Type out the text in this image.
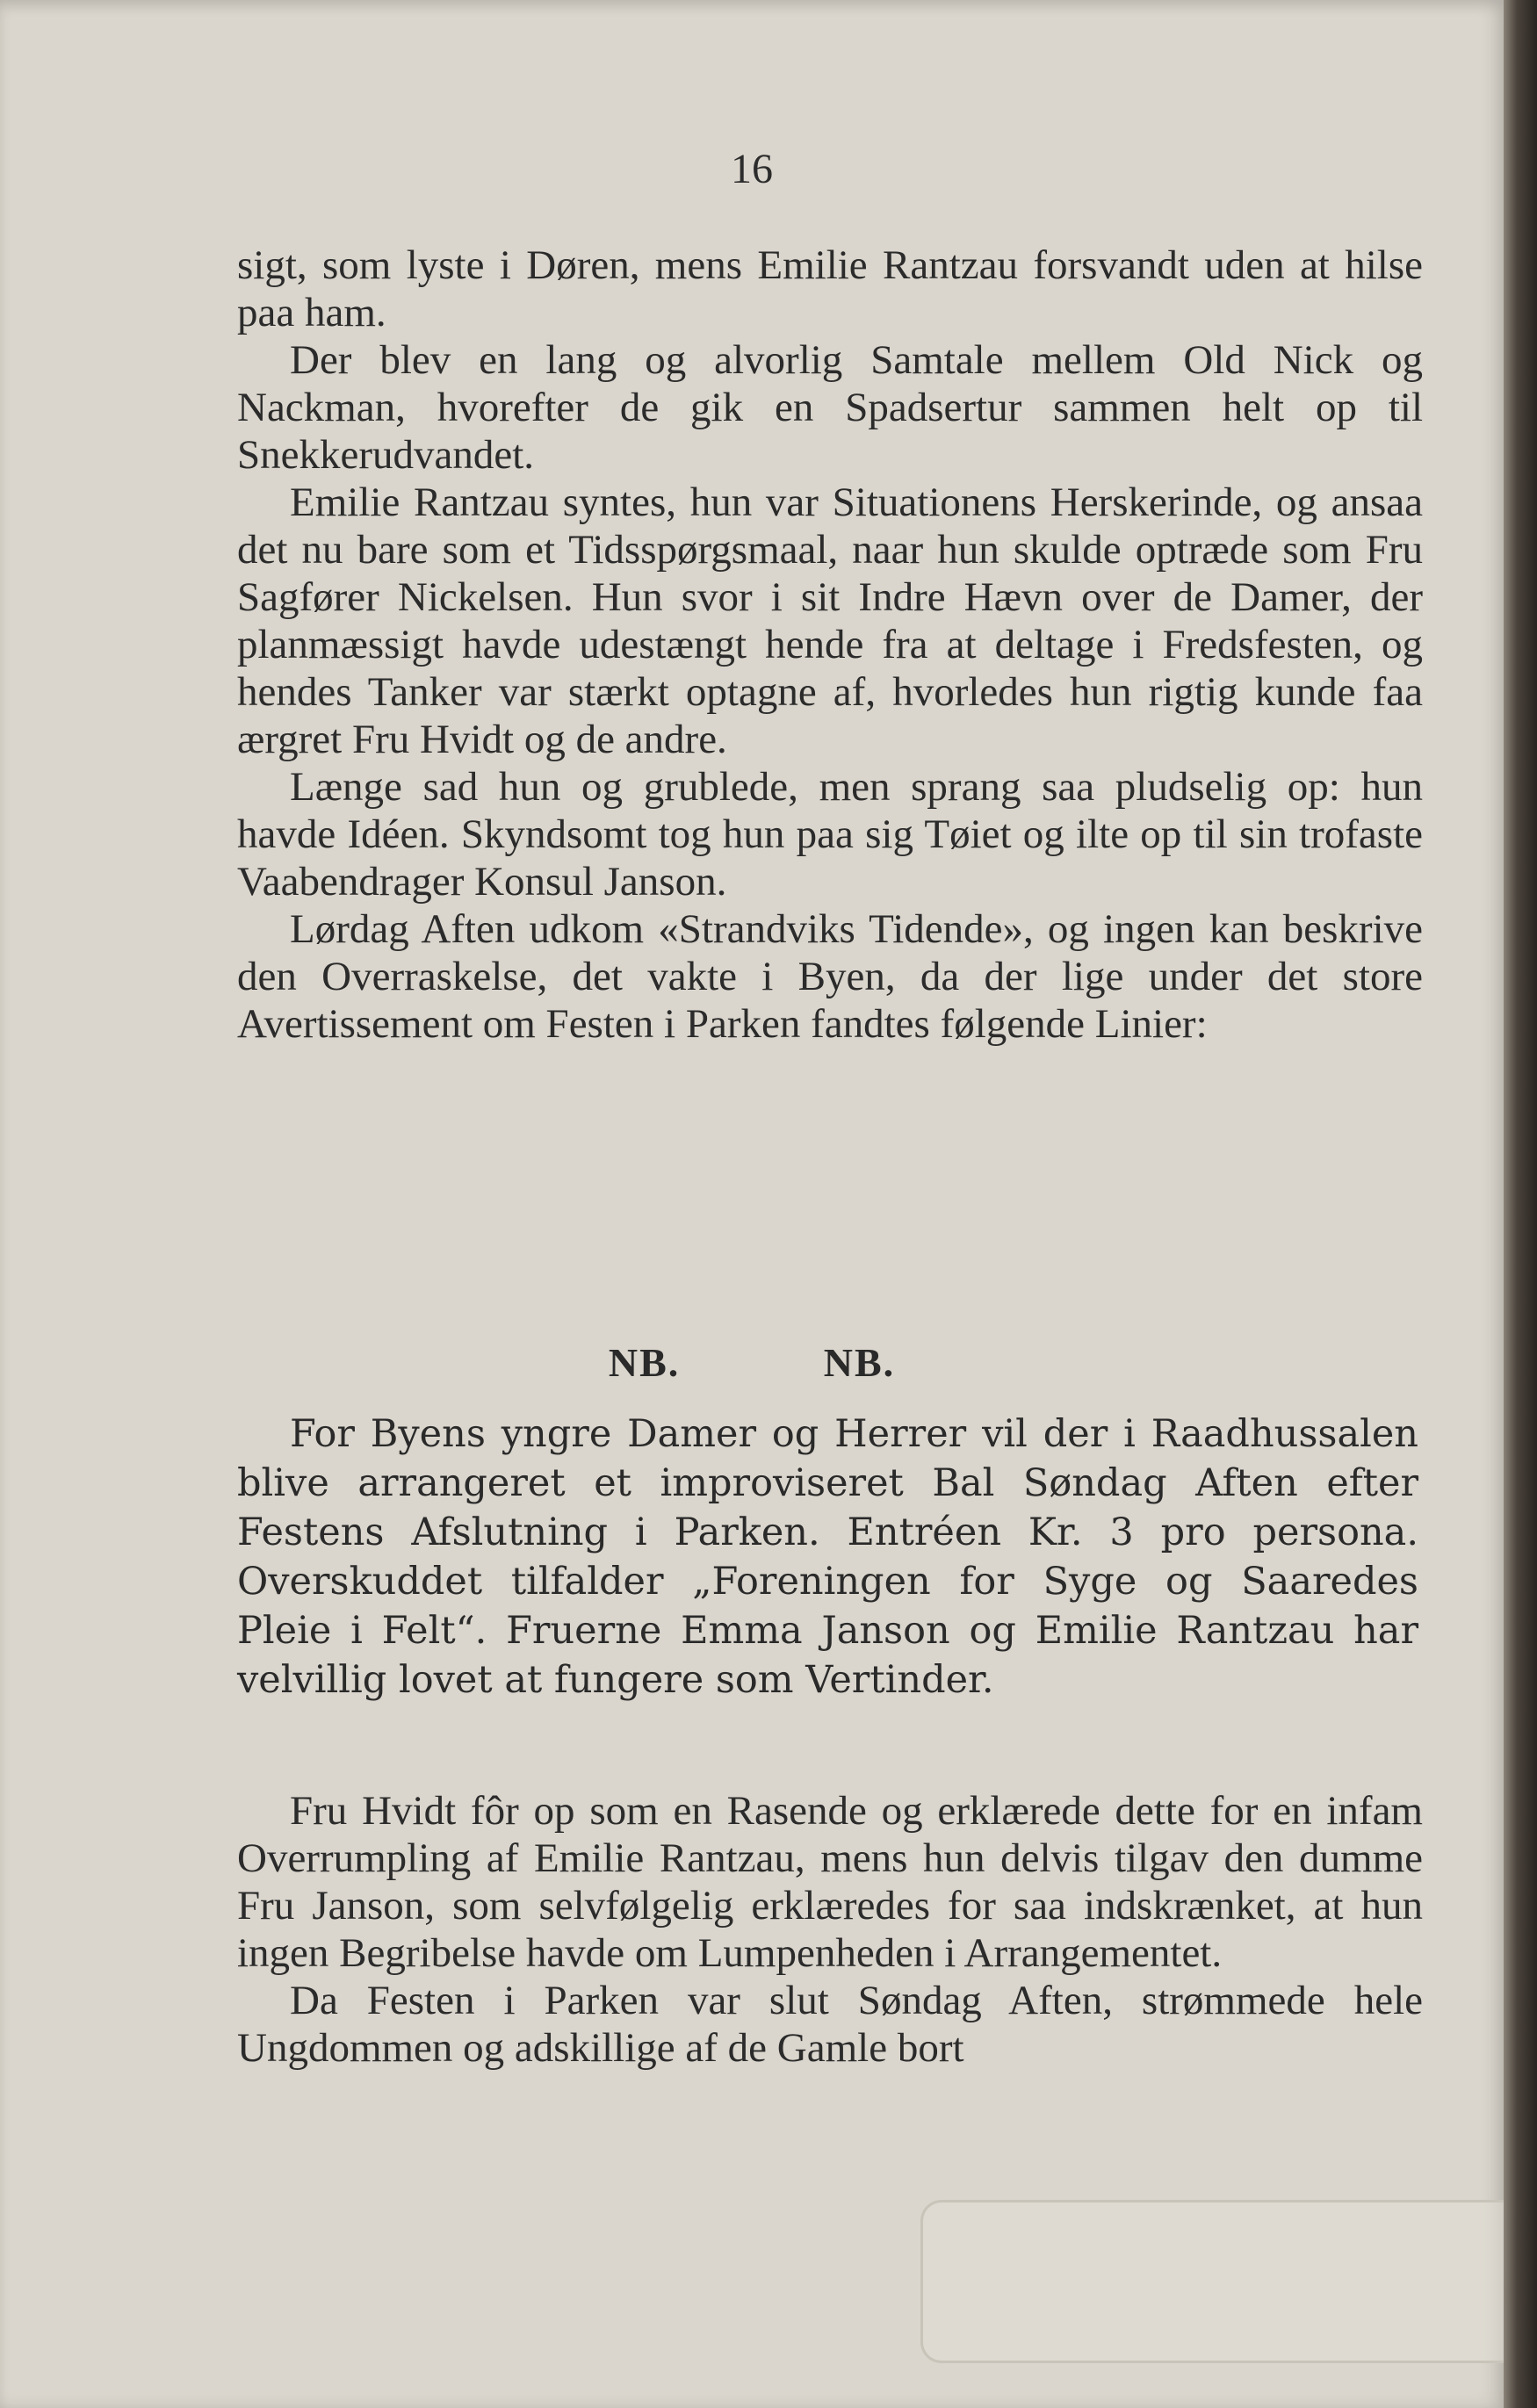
16

sigt, som lyste i Døren, mens Emilie Rantzau forsvandt uden at hilse paa ham.

Der blev en lang og alvorlig Samtale mellem Old Nick og Nackman, hvorefter de gik en Spadsertur sammen helt op til Snekkerudvandet.

Emilie Rantzau syntes, hun var Situationens Herskerinde, og ansaa det nu bare som et Tidsspørgsmaal, naar hun skulde optræde som Fru Sagfører Nickelsen. Hun svor i sit Indre Hævn over de Damer, der planmæssigt havde udestængt hende fra at deltage i Fredsfesten, og hendes Tanker var stærkt optagne af, hvorledes hun rigtig kunde faa ærgret Fru Hvidt og de andre.

Længe sad hun og grublede, men sprang saa pludselig op: hun havde Idéen. Skyndsomt tog hun paa sig Tøiet og ilte op til sin trofaste Vaabendrager Konsul Janson.

Lørdag Aften udkom «Strandviks Tidende», og ingen kan beskrive den Overraskelse, det vakte i Byen, da der lige under det store Avertissement om Festen i Parken fandtes følgende Linier:

NB.	NB.
For Byens yngre Damer og Herrer vil der i Raadhussalen blive arrangeret et improviseret Bal Søndag Aften efter Festens Afslutning i Parken. Entréen Kr. 3 pro persona. Overskuddet tilfalder „Foreningen for Syge og Saaredes Pleie i Felt“. Fruerne Emma Janson og Emilie Rantzau har velvillig lovet at fungere som Vertinder.

Fru Hvidt fôr op som en Rasende og erklærede dette for en infam Overrumpling af Emilie Rantzau, mens hun delvis tilgav den dumme Fru Janson, som selvfølgelig erklæredes for saa indskrænket, at hun ingen Begribelse havde om Lumpenheden i Arrangementet.

Da Festen i Parken var slut Søndag Aften, strømmede hele Ungdommen og adskillige af de Gamle bort
